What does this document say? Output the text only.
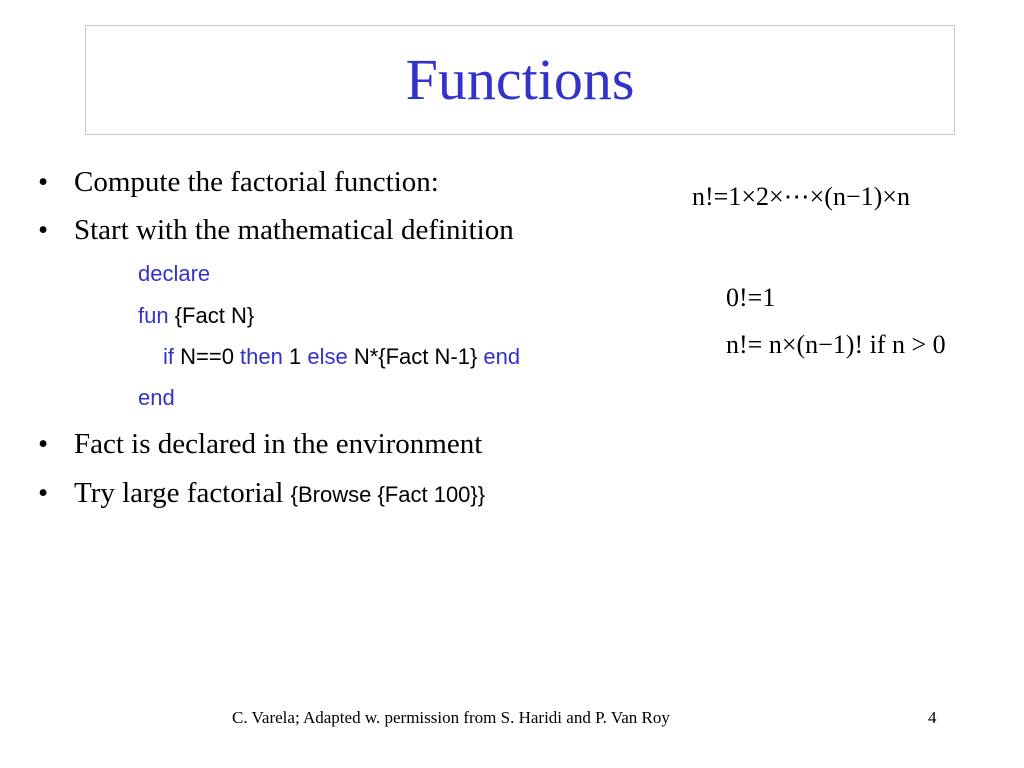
Functions
• Compute the factorial function:
• Start with the mathematical definition
declare
fun {Fact N}
if N==0 then 1 else N*{Fact N-1} end
end
• Fact is declared in the environment
• Try large factorial {Browse {Fact 100}}
n!=1×2×⋯×(n−1)×n
0!=1
n!= n×(n−1)! if n > 0
C. Varela; Adapted w. permission from S. Haridi and P. Van Roy	4
